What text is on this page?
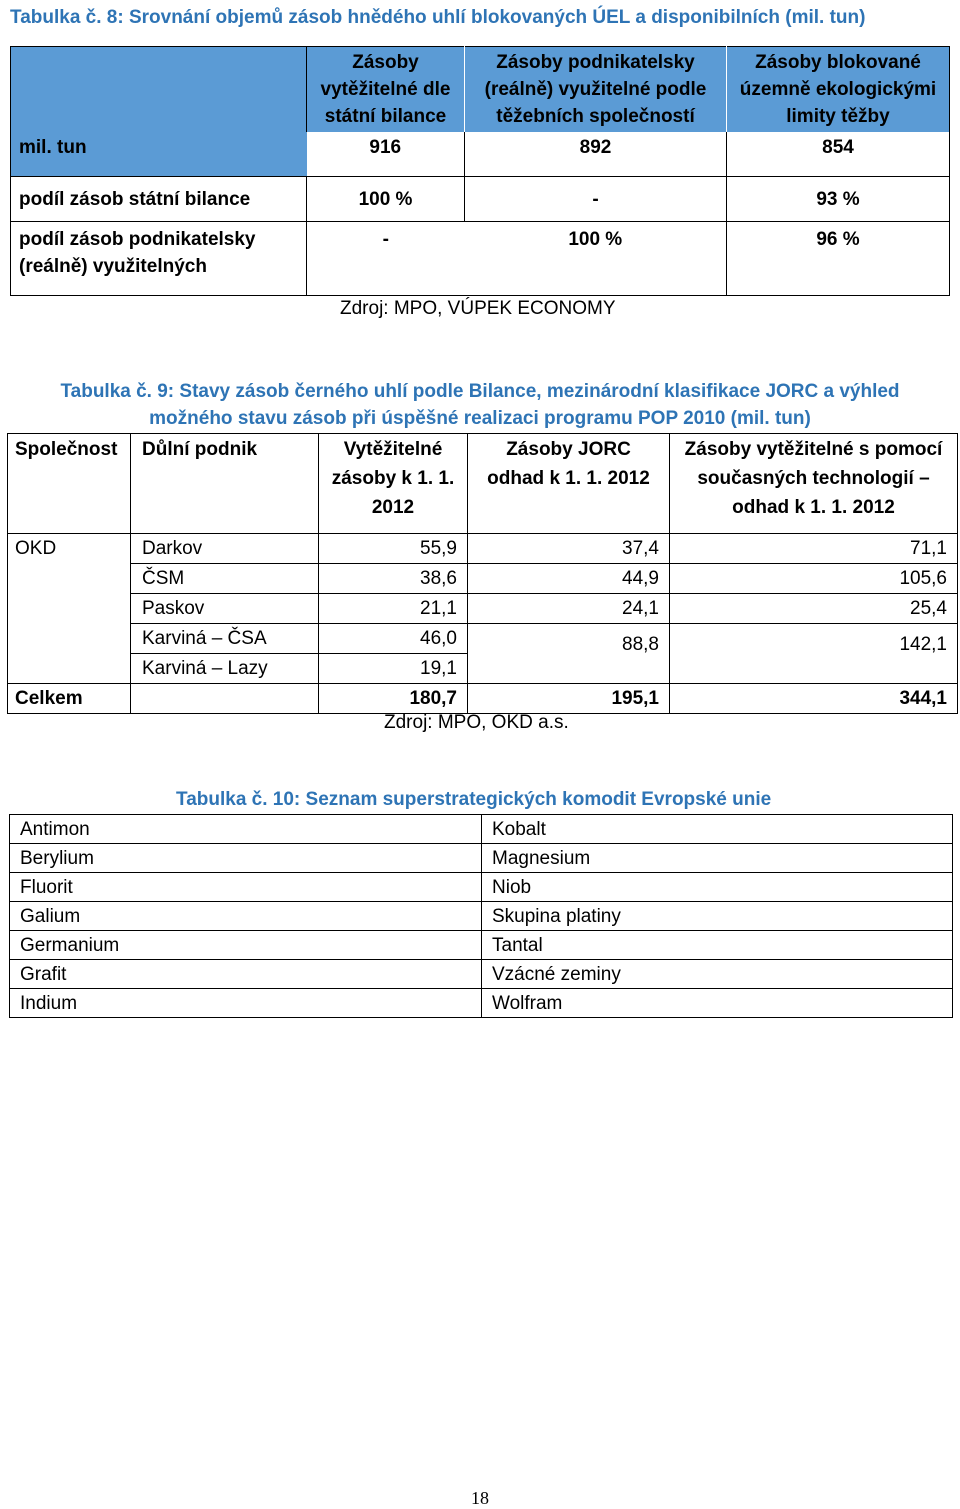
Tabulka č. 8: Srovnání objemů zásob hnědého uhlí blokovaných ÚEL a disponibilních (mil. tun)

	Zásoby vytěžitelné dle státní bilance	Zásoby podnikatelsky (reálně) využitelné podle těžebních společností	Zásoby blokované územně ekologickými limity těžby

mil. tun	916	892	854
podíl zásob státní bilance	100 %	-	93 %
podíl zásob podnikatelsky (reálně) využitelných	-	100 %	96 %
Zdroj: MPO, VÚPEK ECONOMY
Tabulka č. 9: Stavy zásob černého uhlí podle Bilance, mezinárodní klasifikace JORC a výhled
možného stavu zásob při úspěšné realizaci programu POP 2010 (mil. tun)
Společnost	Důlní podnik	Vytěžitelné zásoby k 1. 1. 2012	Zásoby JORC odhad k 1. 1. 2012	Zásoby vytěžitelné s pomocí současných technologií – odhad k 1. 1. 2012
OKD	Darkov	55,9	37,4	71,1
	ČSM	38,6	44,9	105,6
	Paskov	21,1	24,1	25,4
	Karviná – ČSA	46,0	88,8	142,1
	Karviná – Lazy	19,1		
Celkem		180,7	195,1	344,1
Zdroj: MPO, OKD a.s.
Tabulka č. 10: Seznam superstrategických komodit Evropské unie
Antimon	Kobalt
Berylium	Magnesium
Fluorit	Niob
Galium	Skupina platiny
Germanium	Tantal
Grafit	Vzácné zeminy
Indium	Wolfram
18
